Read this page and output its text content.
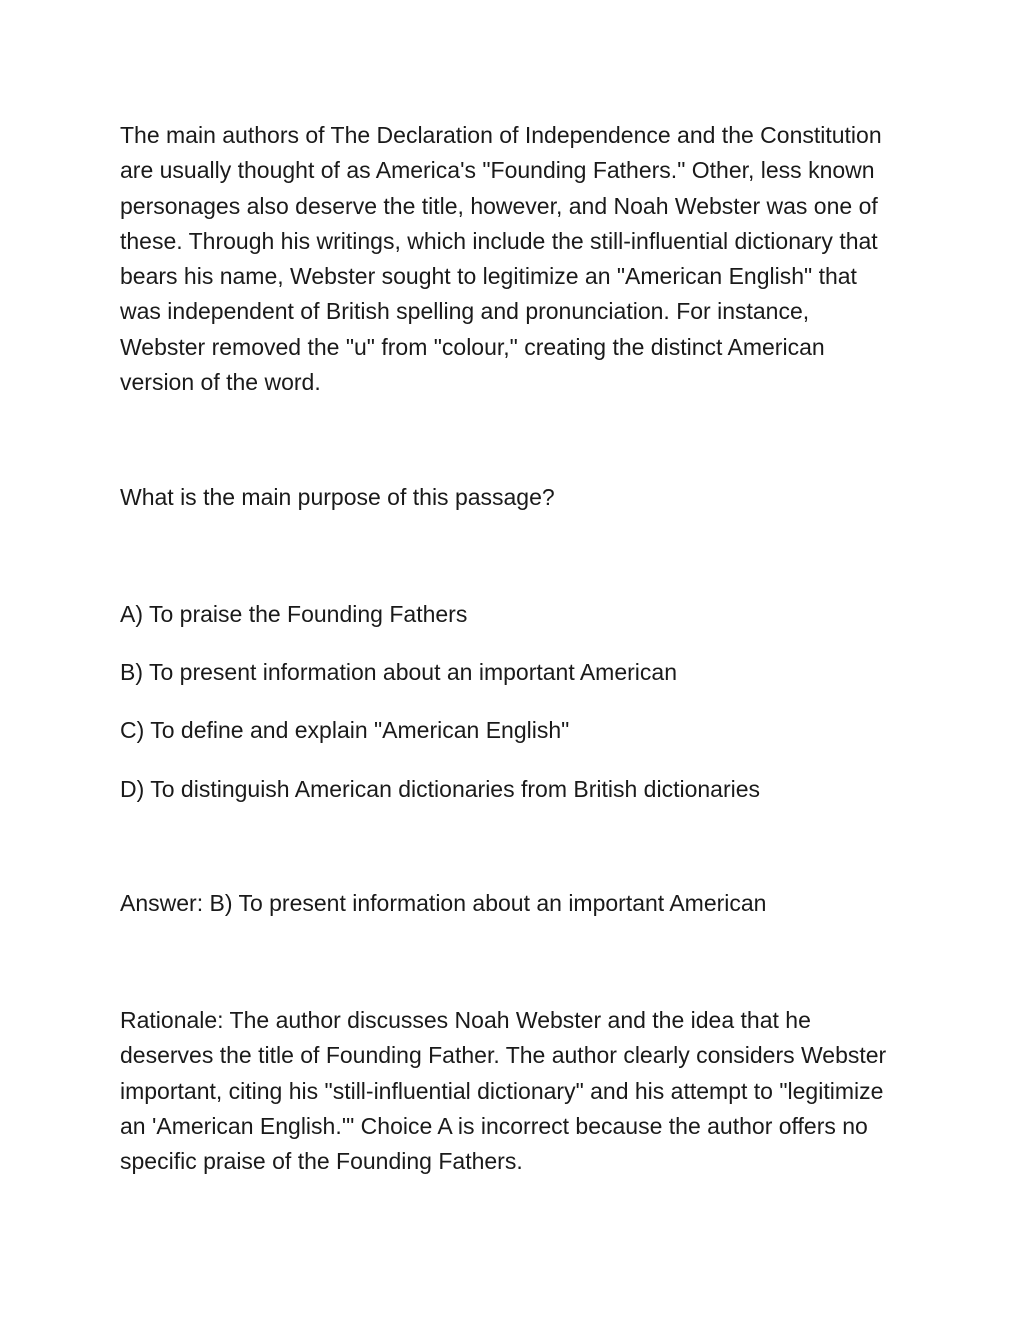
The main authors of The Declaration of Independence and the Constitution are usually thought of as America's "Founding Fathers." Other, less known personages also deserve the title, however, and Noah Webster was one of these. Through his writings, which include the still-influential dictionary that bears his name, Webster sought to legitimize an "American English" that was independent of British spelling and pronunciation. For instance, Webster removed the "u" from "colour," creating the distinct American version of the word.

What is the main purpose of this passage?

A) To praise the Founding Fathers
B) To present information about an important American
C) To define and explain "American English"
D) To distinguish American dictionaries from British dictionaries

Answer: B) To present information about an important American

Rationale: The author discusses Noah Webster and the idea that he deserves the title of Founding Father. The author clearly considers Webster important, citing his "still-influential dictionary" and his attempt to "legitimize an 'American English.'" Choice A is incorrect because the author offers no specific praise of the Founding Fathers.
